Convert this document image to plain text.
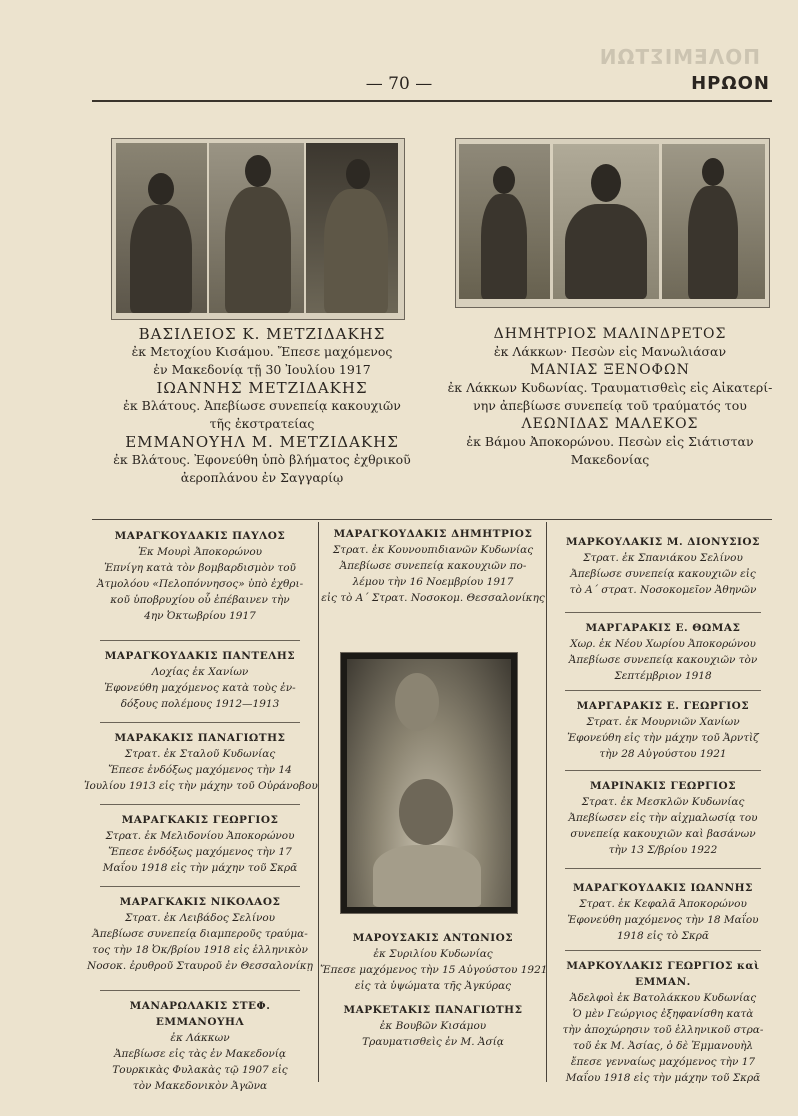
ΠΟΛΕΜΙΣΤΩΝ
— 70 —	ΗΡΩΟΝ
ΒΑΣΙΛΕΙΟΣ Κ. ΜΕΤΖΙΔΑΚΗΣ
ἐκ Μετοχίου Κισάμου. Ἔπεσε μαχόμενος
ἐν Μακεδονίᾳ τῇ 30 Ἰουλίου 1917
ΙΩΑΝΝΗΣ ΜΕΤΖΙΔΑΚΗΣ
ἐκ Βλάτους. Ἀπεβίωσε συνεπείᾳ κακουχιῶν
τῆς ἐκστρατείας
ΕΜΜΑΝΟΥΗΛ Μ. ΜΕΤΖΙΔΑΚΗΣ
ἐκ Βλάτους. Ἐφονεύθη ὑπὸ βλήματος ἐχθρικοῦ
ἀεροπλάνου ἐν Σαγγαρίῳ
ΔΗΜΗΤΡΙΟΣ ΜΑΛΙΝΔΡΕΤΟΣ
ἐκ Λάκκων· Πεσὼν εἰς Μανωλιάσαν
ΜΑΝΙΑΣ ΞΕΝΟΦΩΝ
ἐκ Λάκκων Κυδωνίας. Τραυματισθεὶς εἰς Αἰκατερί-
νην ἀπεβίωσε συνεπείᾳ τοῦ τραύματός του
ΛΕΩΝΙΔΑΣ ΜΑΛΕΚΟΣ
ἐκ Βάμου Ἀποκορώνου. Πεσὼν εἰς Σιάτισταν
Μακεδονίας
ΜΑΡΑΓΚΟΥΔΑΚΙΣ ΠΑΥΛΟΣ
Ἐκ Μουρὶ Ἀποκορώνου
Ἐπνίγη κατὰ τὸν βομβαρδισμὸν τοῦ
Ἀτμολόου «Πελοπόννησος» ὑπὸ ἐχθρι-
κοῦ ὑποβρυχίου οὗ ἐπέβαινεν τὴν
4ην Ὀκτωβρίου 1917
ΜΑΡΑΓΚΟΥΔΑΚΙΣ ΠΑΝΤΕΛΗΣ
Λοχίας ἐκ Χανίων
Ἐφονεύθη μαχόμενος κατὰ τοὺς ἐν-
δόξους πολέμους 1912—1913
ΜΑΡΑΚΑΚΙΣ ΠΑΝΑΓΙΩΤΗΣ
Στρατ. ἐκ Σταλοῦ Κυδωνίας
Ἔπεσε ἐνδόξως μαχόμενος τὴν 14
Ἰουλίου 1913 εἰς τὴν μάχην τοῦ Οὐράνοβου
ΜΑΡΑΓΚΑΚΙΣ ΓΕΩΡΓΙΟΣ
Στρατ. ἐκ Μελιδονίου Ἀποκορώνου
Ἔπεσε ἐνδόξως μαχόμενος τὴν 17
Μαΐου 1918 εἰς τὴν μάχην τοῦ Σκρᾶ
ΜΑΡΑΓΚΑΚΙΣ ΝΙΚΟΛΑΟΣ
Στρατ. ἐκ Λειβάδος Σελίνου
Ἀπεβίωσε συνεπείᾳ διαμπεροῦς τραύμα-
τος τὴν 18 Ὀκ/βρίου 1918 εἰς ἑλληνικὸν
Νοσοκ. ἐρυθροῦ Σταυροῦ ἐν Θεσσαλονίκῃ
ΜΑΝΑΡΩΛΑΚΙΣ ΣΤΕΦ. ΕΜΜΑΝΟΥΗΛ
ἐκ Λάκκων
Ἀπεβίωσε εἰς τὰς ἐν Μακεδονίᾳ
Τουρκικὰς Φυλακὰς τῷ 1907 εἰς
τὸν Μακεδονικὸν Ἀγῶνα
ΜΑΡΑΓΚΟΥΔΑΚΙΣ ΔΗΜΗΤΡΙΟΣ
Στρατ. ἐκ Κουνουπιδιανῶν Κυδωνίας
Ἀπεβίωσε συνεπείᾳ κακουχιῶν πο-
λέμου τὴν 16 Νοεμβρίου 1917
εἰς τὸ Α΄ Στρατ. Νοσοκομ. Θεσσαλονίκης
ΜΑΡΟΥΣΑΚΙΣ ΑΝΤΩΝΙΟΣ
ἐκ Συριλίου Κυδωνίας
Ἔπεσε μαχόμενος τὴν 15 Αὐγούστου 1921
εἰς τὰ ὑψώματα τῆς Ἀγκύρας
ΜΑΡΚΕΤΑΚΙΣ ΠΑΝΑΓΙΩΤΗΣ
ἐκ Βουβῶν Κισάμου
Τραυματισθεὶς ἐν Μ. Ἀσίᾳ
ΜΑΡΚΟΥΛΑΚΙΣ Μ. ΔΙΟΝΥΣΙΟΣ
Στρατ. ἐκ Σπανιάκου Σελίνου
Ἀπεβίωσε συνεπείᾳ κακουχιῶν εἰς
τὸ Α΄ στρατ. Νοσοκομεῖον Ἀθηνῶν
ΜΑΡΓΑΡΑΚΙΣ Ε. ΘΩΜΑΣ
Χωρ. ἐκ Νέου Χωρίου Ἀποκορώνου
Ἀπεβίωσε συνεπείᾳ κακουχιῶν τὸν
Σεπτέμβριον 1918
ΜΑΡΓΑΡΑΚΙΣ Ε. ΓΕΩΡΓΙΟΣ
Στρατ. ἐκ Μουρνιῶν Χανίων
Ἐφονεύθη εἰς τὴν μάχην τοῦ Ἀρντὶζ
τὴν 28 Αὐγούστου 1921
ΜΑΡΙΝΑΚΙΣ ΓΕΩΡΓΙΟΣ
Στρατ. ἐκ Μεσκλῶν Κυδωνίας
Ἀπεβίωσεν εἰς τὴν αἰχμαλωσίᾳ του
συνεπείᾳ κακουχιῶν καὶ βασάνων
τὴν 13 Σ/βρίου 1922
ΜΑΡΑΓΚΟΥΔΑΚΙΣ ΙΩΑΝΝΗΣ
Στρατ. ἐκ Κεφαλᾶ Ἀποκορώνου
Ἐφονεύθη μαχόμενος τὴν 18 Μαΐου
1918 εἰς τὸ Σκρᾶ
ΜΑΡΚΟΥΛΑΚΙΣ ΓΕΩΡΓΙΟΣ καὶ ΕΜΜΑΝ.
Ἀδελφοὶ ἐκ Βατολάκκου Κυδωνίας
Ὁ μὲν Γεώργιος ἐξηφανίσθη κατὰ
τὴν ἀποχώρησιν τοῦ ἑλληνικοῦ στρα-
τοῦ ἐκ Μ. Ἀσίας, ὁ δὲ Ἐμμανουὴλ
ἔπεσε γενναίως μαχόμενος τὴν 17
Μαΐου 1918 εἰς τὴν μάχην τοῦ Σκρᾶ
